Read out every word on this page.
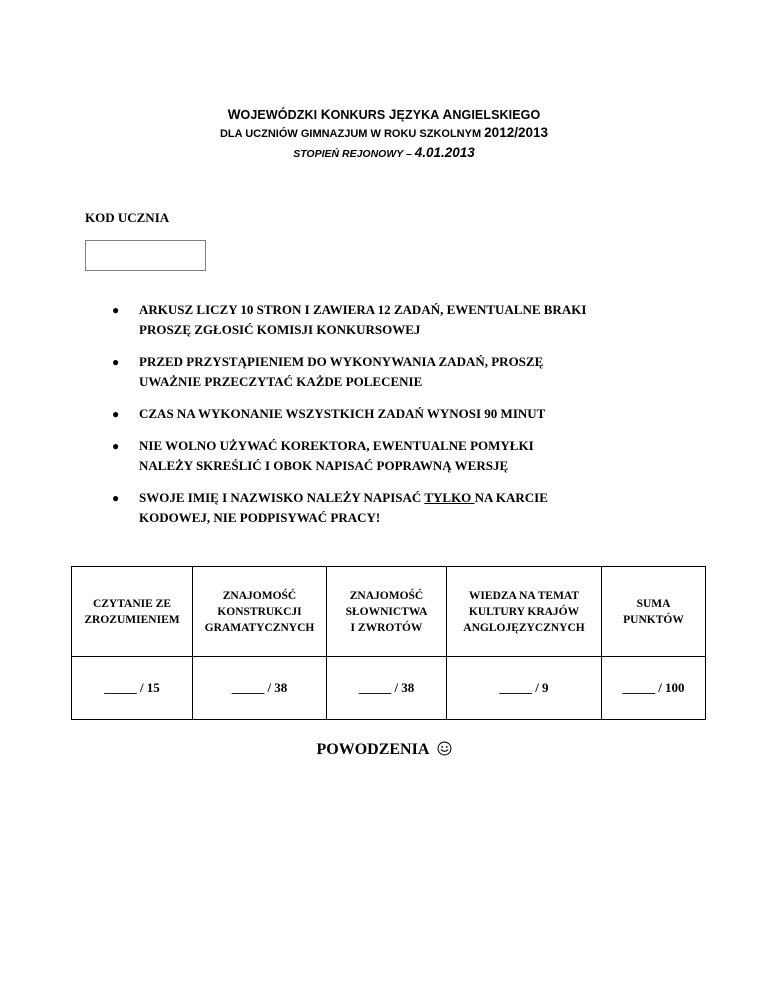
WOJEWÓDZKI KONKURS JĘZYKA ANGIELSKIEGO
DLA UCZNIÓW GIMNAZJUM W ROKU SZKOLNYM 2012/2013
STOPIEŃ REJONOWY – 4.01.2013
KOD UCZNIA
● ARKUSZ LICZY 10 STRON I ZAWIERA 12 ZADAŃ, EWENTUALNE BRAKI
PROSZĘ ZGŁOSIĆ KOMISJI KONKURSOWEJ
● PRZED PRZYSTĄPIENIEM DO WYKONYWANIA ZADAŃ, PROSZĘ
UWAŻNIE PRZECZYTAĆ KAŻDE POLECENIE
● CZAS NA WYKONANIE WSZYSTKICH ZADAŃ WYNOSI 90 MINUT
● NIE WOLNO UŻYWAĆ KOREKTORA, EWENTUALNE POMYŁKI
NALEŻY SKREŚLIĆ I OBOK NAPISAĆ POPRAWNĄ WERSJĘ
● SWOJE IMIĘ I NAZWISKO NALEŻY NAPISAĆ TYLKO NA KARCIE
KODOWEJ, NIE PODPISYWAĆ PRACY!
CZYTANIE ZE
ZROZUMIENIEM	ZNAJOMOŚĆ
KONSTRUKCJI
GRAMATYCZNYCH	ZNAJOMOŚĆ
SŁOWNICTWA
I ZWROTÓW	WIEDZA NA TEMAT
KULTURY KRAJÓW
ANGLOJĘZYCZNYCH	SUMA
PUNKTÓW
_____ / 15	_____ / 38	_____ / 38	_____ / 9	_____ / 100
POWODZENIA
